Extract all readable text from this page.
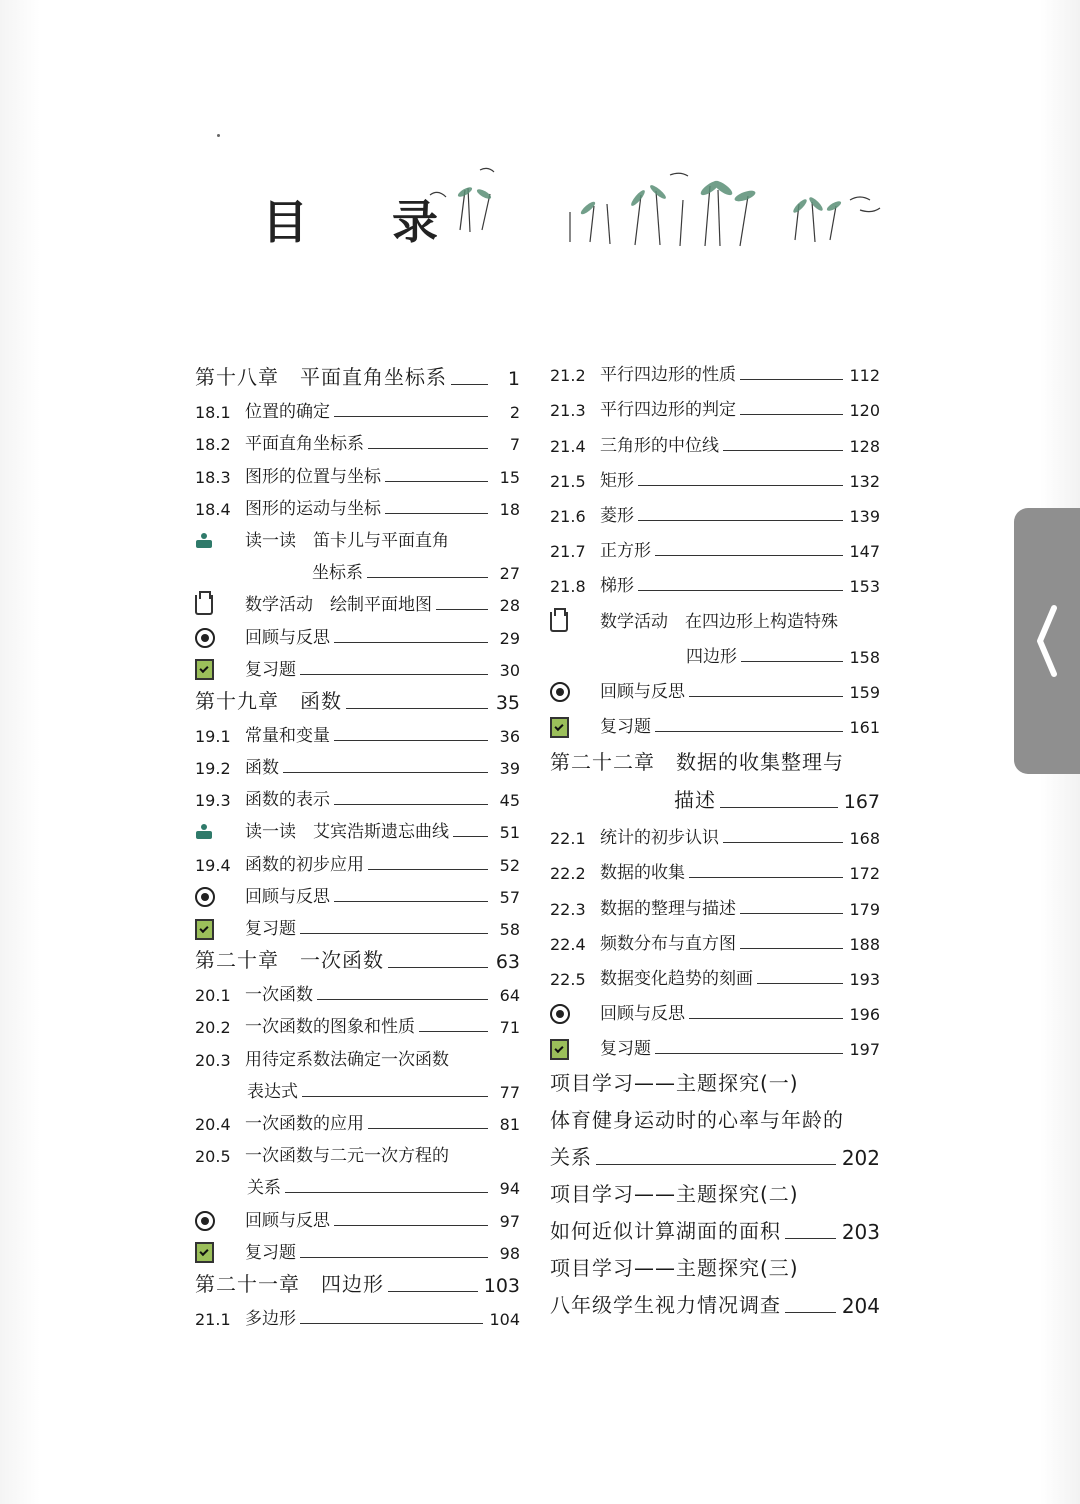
目 录
第十八章　平面直角坐标系	1
18.1 位置的确定	2
18.2 平面直角坐标系	7
18.3 图形的位置与坐标	15
18.4 图形的运动与坐标	18
读一读　笛卡儿与平面直角
坐标系	27
数学活动　绘制平面地图	28
回顾与反思	29
复习题	30
第十九章　函数	35
19.1 常量和变量	36
19.2 函数	39
19.3 函数的表示	45
读一读　艾宾浩斯遗忘曲线	51
19.4 函数的初步应用	52
回顾与反思	57
复习题	58
第二十章　一次函数	63
20.1 一次函数	64
20.2 一次函数的图象和性质	71
20.3 用待定系数法确定一次函数
表达式	77
20.4 一次函数的应用	81
20.5 一次函数与二元一次方程的
关系	94
回顾与反思	97
复习题	98
第二十一章　四边形	103
21.1 多边形	104
21.2 平行四边形的性质	112
21.3 平行四边形的判定	120
21.4 三角形的中位线	128
21.5 矩形	132
21.6 菱形	139
21.7 正方形	147
21.8 梯形	153
数学活动　在四边形上构造特殊
四边形	158
回顾与反思	159
复习题	161
第二十二章　数据的收集整理与
描述	167
22.1 统计的初步认识	168
22.2 数据的收集	172
22.3 数据的整理与描述	179
22.4 频数分布与直方图	188
22.5 数据变化趋势的刻画	193
回顾与反思	196
复习题	197
项目学习——主题探究(一)
体育健身运动时的心率与年龄的
关系	202
项目学习——主题探究(二)
如何近似计算湖面的面积	203
项目学习——主题探究(三)
八年级学生视力情况调查	204
